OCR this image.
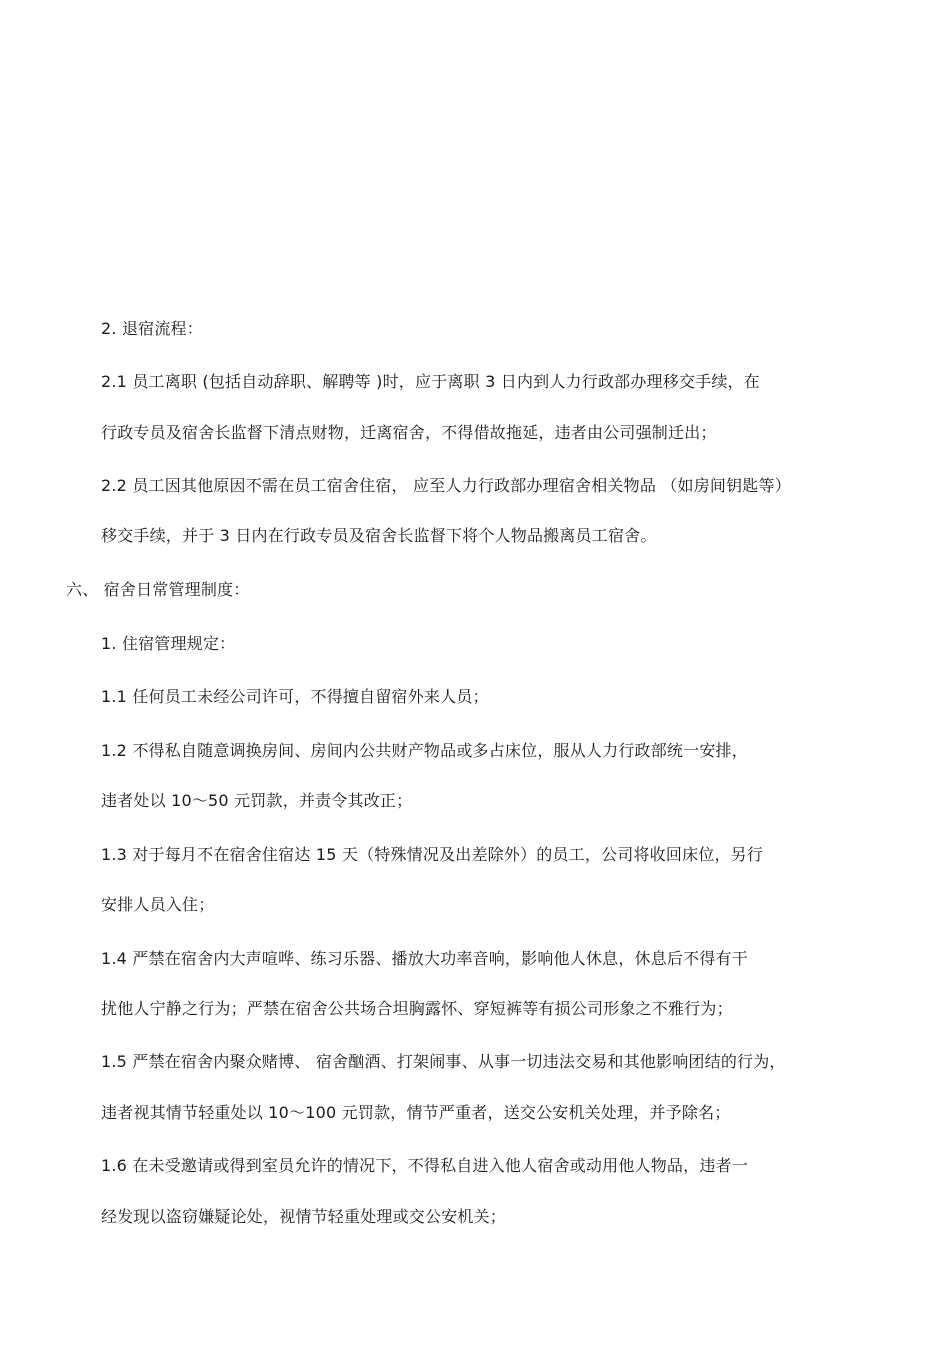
2. 退宿流程：
2.1 员工离职 (包括自动辞职、解聘等 )时，应于离职 3 日内到人力行政部办理移交手续，在
行政专员及宿舍长监督下清点财物，迁离宿舍，不得借故拖延，违者由公司强制迁出；
2.2 员工因其他原因不需在员工宿舍住宿， 应至人力行政部办理宿舍相关物品 （如房间钥匙等）
移交手续，并于 3 日内在行政专员及宿舍长监督下将个人物品搬离员工宿舍。
六、 宿舍日常管理制度：
1. 住宿管理规定：
1.1 任何员工未经公司许可，不得擅自留宿外来人员；
1.2 不得私自随意调换房间、房间内公共财产物品或多占床位，服从人力行政部统一安排，
违者处以 10～50 元罚款，并责令其改正；
1.3 对于每月不在宿舍住宿达 15 天（特殊情况及出差除外）的员工，公司将收回床位，另行
安排人员入住；
1.4 严禁在宿舍内大声喧哗、练习乐器、播放大功率音响，影响他人休息，休息后不得有干
扰他人宁静之行为；严禁在宿舍公共场合坦胸露怀、穿短裤等有损公司形象之不雅行为；
1.5 严禁在宿舍内聚众赌博、 宿舍酗酒、打架闹事、从事一切违法交易和其他影响团结的行为，
违者视其情节轻重处以 10～100 元罚款，情节严重者，送交公安机关处理，并予除名；
1.6 在未受邀请或得到室员允许的情况下，不得私自进入他人宿舍或动用他人物品，违者一
经发现以盗窃嫌疑论处，视情节轻重处理或交公安机关；
